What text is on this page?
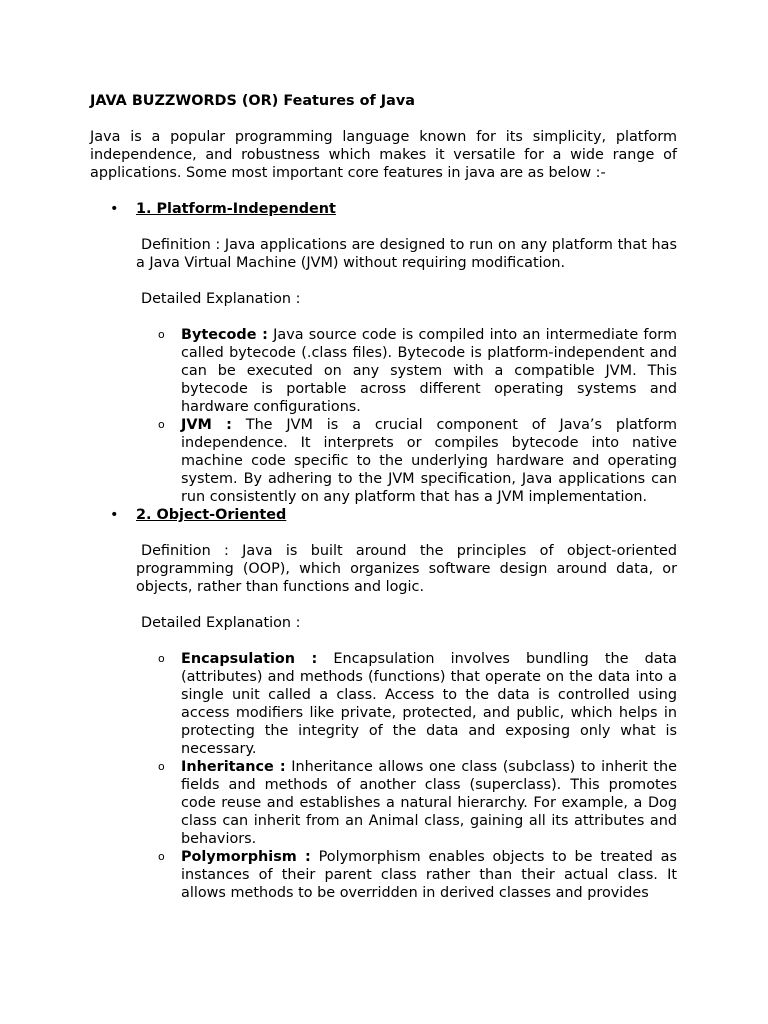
JAVA BUZZWORDS (OR) Features of Java

Java is a popular programming language known for its simplicity, platform independence, and robustness which makes it versatile for a wide range of applications. Some most important core features in java are as below :-

• 1. Platform-Independent

Definition : Java applications are designed to run on any platform that has a Java Virtual Machine (JVM) without requiring modification.

Detailed Explanation :

o Bytecode : Java source code is compiled into an intermediate form called bytecode (.class files). Bytecode is platform-independent and can be executed on any system with a compatible JVM. This bytecode is portable across different operating systems and hardware configurations.
o JVM : The JVM is a crucial component of Java’s platform independence. It interprets or compiles bytecode into native machine code specific to the underlying hardware and operating system. By adhering to the JVM specification, Java applications can run consistently on any platform that has a JVM implementation.
• 2. Object-Oriented

Definition : Java is built around the principles of object-oriented programming (OOP), which organizes software design around data, or objects, rather than functions and logic.

Detailed Explanation :

o Encapsulation : Encapsulation involves bundling the data (attributes) and methods (functions) that operate on the data into a single unit called a class. Access to the data is controlled using access modifiers like private, protected, and public, which helps in protecting the integrity of the data and exposing only what is necessary.
o Inheritance : Inheritance allows one class (subclass) to inherit the fields and methods of another class (superclass). This promotes code reuse and establishes a natural hierarchy. For example, a Dog class can inherit from an Animal class, gaining all its attributes and behaviors.
o Polymorphism : Polymorphism enables objects to be treated as instances of their parent class rather than their actual class. It allows methods to be overridden in derived classes and provides
